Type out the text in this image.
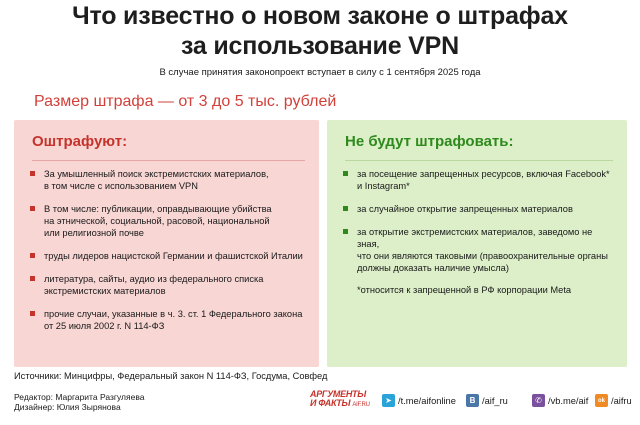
Что известно о новом законе о штрафах
за использование VPN
В случае принятия законопроект вступает в силу с 1 сентября 2025 года
Размер штрафа — от 3 до 5 тыс. рублей
Оштрафуют:
За умышленный поиск экстремистских материалов,
в том числе с использованием VPN
В том числе: публикации, оправдывающие убийства
на этнической, социальной, расовой, национальной
или религиозной почве
труды лидеров нацистской Германии и фашистской Италии
литература, сайты, аудио из федерального списка
экстремистских материалов
прочие случаи, указанные в ч. 3. ст. 1 Федерального закона
от 25 июля 2002 г. N 114-ФЗ
Не будут штрафовать:
за посещение запрещенных ресурсов, включая Facebook*
и Instagram*
за случайное открытие запрещенных материалов
за открытие экстремистских материалов, заведомо не зная,
что они являются таковыми (правоохранительные органы
должны доказать наличие умысла)
*относится к запрещенной в РФ корпорации Meta
Источники: Минцифры, Федеральный закон N 114-ФЗ, Госдума, Совфед
Редактор: Маргарита Разгуляева
Дизайнер: Юлия Зырянова
АРГУМЕНТЫ
И ФАКТЫ AIF.RU	➤ /t.me/aifonline	B /aif_ru	✆ /vb.me/aif	ok /aifru
